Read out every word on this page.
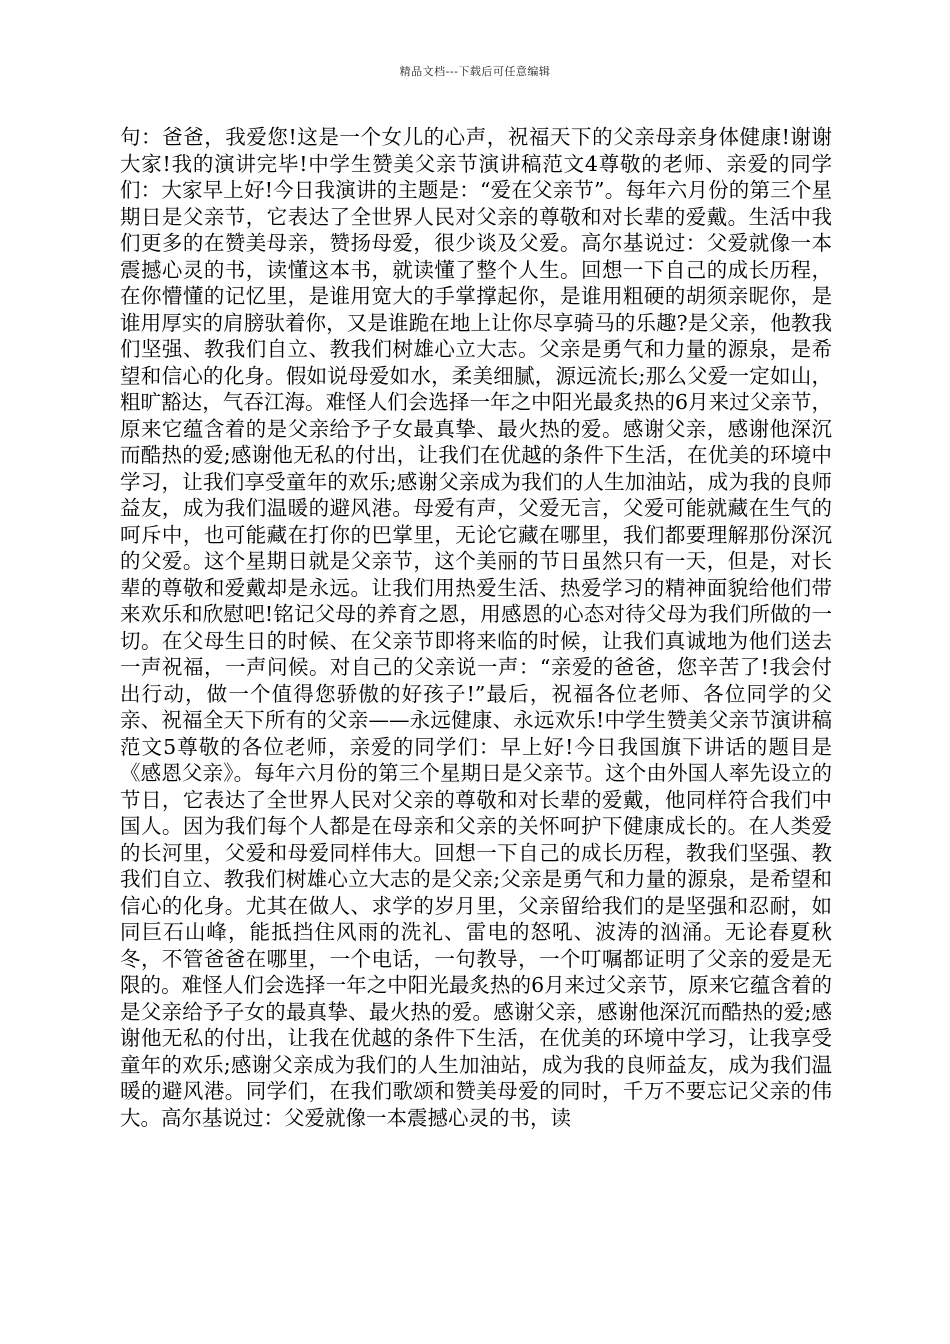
精品文档---下载后可任意编辑

句：爸爸，我爱您!这是一个女儿的心声，祝福天下的父亲母亲身体健康!谢谢大家!我的演讲完毕!中学生赞美父亲节演讲稿范文4尊敬的老师、亲爱的同学们：大家早上好!今日我演讲的主题是：“爱在父亲节”。每年六月份的第三个星期日是父亲节，它表达了全世界人民对父亲的尊敬和对长辈的爱戴。生活中我们更多的在赞美母亲，赞扬母爱，很少谈及父爱。高尔基说过：父爱就像一本震撼心灵的书，读懂这本书，就读懂了整个人生。回想一下自己的成长历程，在你懵懂的记忆里，是谁用宽大的手掌撑起你，是谁用粗硬的胡须亲昵你，是谁用厚实的肩膀驮着你，又是谁跪在地上让你尽享骑马的乐趣?是父亲，他教我们坚强、教我们自立、教我们树雄心立大志。父亲是勇气和力量的源泉，是希望和信心的化身。假如说母爱如水，柔美细腻，源远流长;那么父爱一定如山，粗旷豁达，气吞江海。难怪人们会选择一年之中阳光最炙热的6月来过父亲节，原来它蕴含着的是父亲给予子女最真挚、最火热的爱。感谢父亲，感谢他深沉而酷热的爱;感谢他无私的付出，让我们在优越的条件下生活，在优美的环境中学习，让我们享受童年的欢乐;感谢父亲成为我们的人生加油站，成为我的良师益友，成为我们温暖的避风港。母爱有声，父爱无言，父爱可能就藏在生气的呵斥中，也可能藏在打你的巴掌里，无论它藏在哪里，我们都要理解那份深沉的父爱。这个星期日就是父亲节，这个美丽的节日虽然只有一天，但是，对长辈的尊敬和爱戴却是永远。让我们用热爱生活、热爱学习的精神面貌给他们带来欢乐和欣慰吧!铭记父母的养育之恩，用感恩的心态对待父母为我们所做的一切。在父母生日的时候、在父亲节即将来临的时候，让我们真诚地为他们送去一声祝福，一声问候。对自己的父亲说一声：“亲爱的爸爸，您辛苦了!我会付出行动，做一个值得您骄傲的好孩子!”最后，祝福各位老师、各位同学的父亲、祝福全天下所有的父亲——永远健康、永远欢乐!中学生赞美父亲节演讲稿范文5尊敬的各位老师，亲爱的同学们：早上好!今日我国旗下讲话的题目是《感恩父亲》。每年六月份的第三个星期日是父亲节。这个由外国人率先设立的节日，它表达了全世界人民对父亲的尊敬和对长辈的爱戴，他同样符合我们中国人。因为我们每个人都是在母亲和父亲的关怀呵护下健康成长的。在人类爱的长河里，父爱和母爱同样伟大。回想一下自己的成长历程，教我们坚强、教我们自立、教我们树雄心立大志的是父亲;父亲是勇气和力量的源泉，是希望和信心的化身。尤其在做人、求学的岁月里，父亲留给我们的是坚强和忍耐，如同巨石山峰，能抵挡住风雨的洗礼、雷电的怒吼、波涛的汹涌。无论春夏秋冬，不管爸爸在哪里，一个电话，一句教导，一个叮嘱都证明了父亲的爱是无限的。难怪人们会选择一年之中阳光最炙热的6月来过父亲节，原来它蕴含着的是父亲给予子女的最真挚、最火热的爱。感谢父亲，感谢他深沉而酷热的爱;感谢他无私的付出，让我在优越的条件下生活，在优美的环境中学习，让我享受童年的欢乐;感谢父亲成为我们的人生加油站，成为我的良师益友，成为我们温暖的避风港。同学们，在我们歌颂和赞美母爱的同时，千万不要忘记父亲的伟大。高尔基说过：父爱就像一本震撼心灵的书，读
